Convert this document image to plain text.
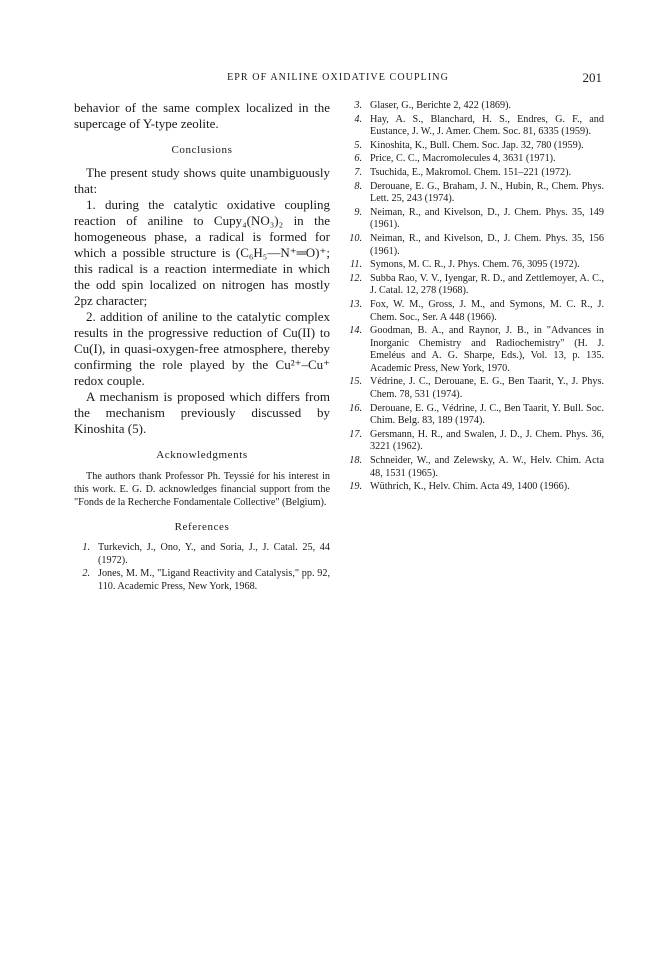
EPR OF ANILINE OXIDATIVE COUPLING	201

behavior of the same complex localized in the supercage of Y-type zeolite.

Conclusions

The present study shows quite unambiguously that:

1. during the catalytic oxidative coupling reaction of aniline to Cupy₄(NO₃)₂ in the homogeneous phase, a radical is formed for which a possible structure is (C₆H₅—N⁺═O)⁺; this radical is a reaction intermediate in which the odd spin localized on nitrogen has mostly 2pz character;

2. addition of aniline to the catalytic complex results in the progressive reduction of Cu(II) to Cu(I), in quasi-oxygen-free atmosphere, thereby confirming the role played by the Cu²⁺–Cu⁺ redox couple.

A mechanism is proposed which differs from the mechanism previously discussed by Kinoshita (5).

Acknowledgments

The authors thank Professor Ph. Teyssié for his interest in this work. E. G. D. acknowledges financial support from the "Fonds de la Recherche Fondamentale Collective" (Belgium).

References
1. Turkevich, J., Ono, Y., and Soria, J., J. Catal. 25, 44 (1972).
2. Jones, M. M., "Ligand Reactivity and Catalysis," pp. 92, 110. Academic Press, New York, 1968.
3. Glaser, G., Berichte 2, 422 (1869).
4. Hay, A. S., Blanchard, H. S., Endres, G. F., and Eustance, J. W., J. Amer. Chem. Soc. 81, 6335 (1959).
5. Kinoshita, K., Bull. Chem. Soc. Jap. 32, 780 (1959).
6. Price, C. C., Macromolecules 4, 3631 (1971).
7. Tsuchida, E., Makromol. Chem. 151–221 (1972).
8. Derouane, E. G., Braham, J. N., Hubin, R., Chem. Phys. Lett. 25, 243 (1974).
9. Neiman, R., and Kivelson, D., J. Chem. Phys. 35, 149 (1961).
10. Neiman, R., and Kivelson, D., J. Chem. Phys. 35, 156 (1961).
11. Symons, M. C. R., J. Phys. Chem. 76, 3095 (1972).
12. Subba Rao, V. V., Iyengar, R. D., and Zettlemoyer, A. C., J. Catal. 12, 278 (1968).
13. Fox, W. M., Gross, J. M., and Symons, M. C. R., J. Chem. Soc., Ser. A 448 (1966).
14. Goodman, B. A., and Raynor, J. B., in "Advances in Inorganic Chemistry and Radiochemistry" (H. J. Emeléus and A. G. Sharpe, Eds.), Vol. 13, p. 135. Academic Press, New York, 1970.
15. Védrine, J. C., Derouane, E. G., Ben Taarit, Y., J. Phys. Chem. 78, 531 (1974).
16. Derouane, E. G., Védrine, J. C., Ben Taarit, Y. Bull. Soc. Chim. Belg. 83, 189 (1974).
17. Gersmann, H. R., and Swalen, J. D., J. Chem. Phys. 36, 3221 (1962).
18. Schneider, W., and Zelewsky, A. W., Helv. Chim. Acta 48, 1531 (1965).
19. Wüthrich, K., Helv. Chim. Acta 49, 1400 (1966).
